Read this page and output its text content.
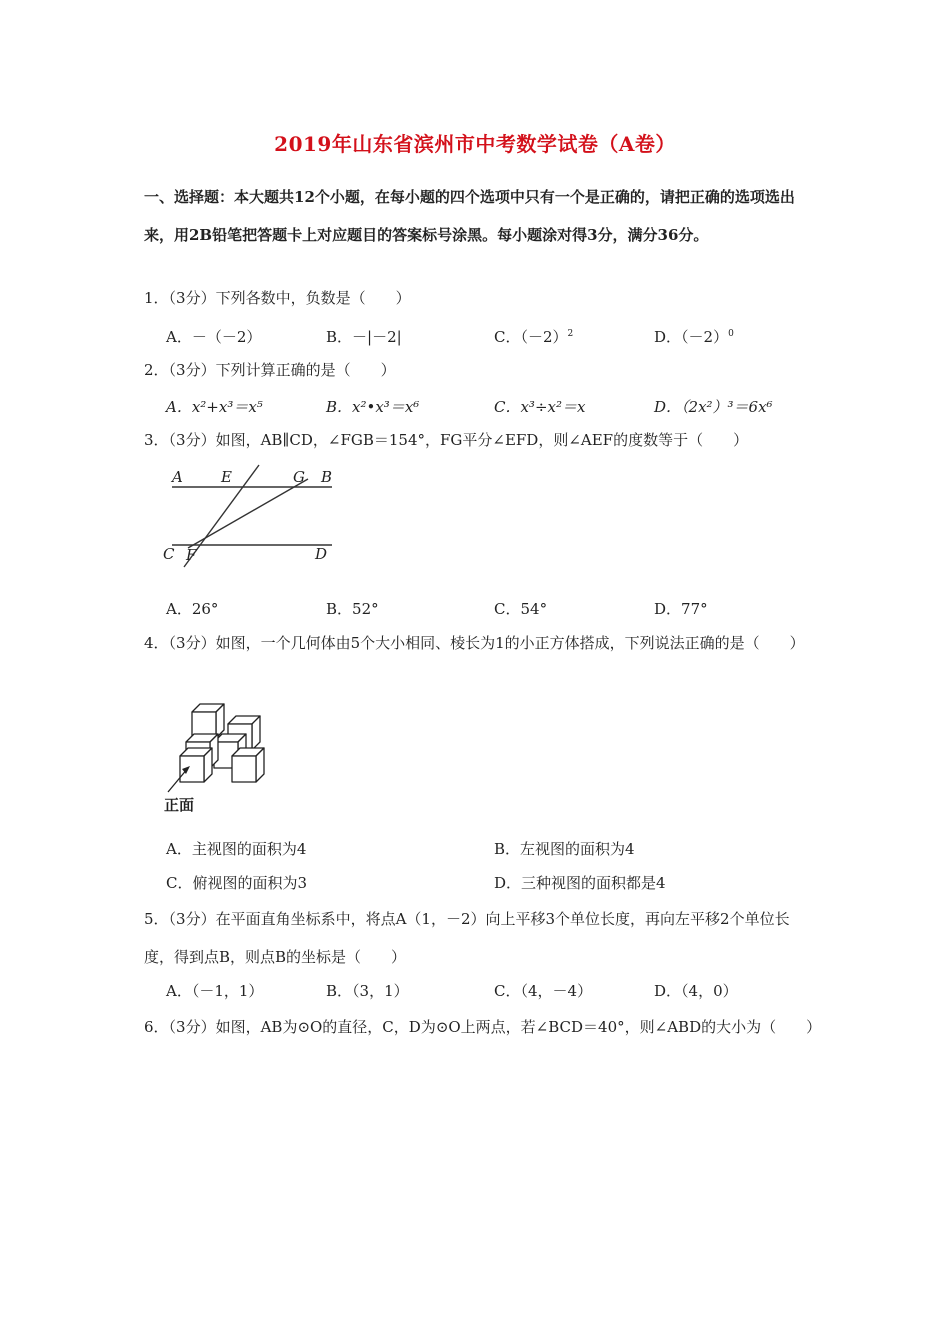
2019年山东省滨州市中考数学试卷（A卷）
一、选择题：本大题共12个小题，在每小题的四个选项中只有一个是正确的，请把正确的选项选出来，用2B铅笔把答题卡上对应题目的答案标号涂黑。每小题涂对得3分，满分36分。
1．（3分）下列各数中，负数是（　　）
A．－（－2）	B．－|－2|	C．$(-2)^2$	D．$(-2)^0$
2．（3分）下列计算正确的是（　　）
A．x²+x³＝x⁵	B．x²•x³＝x⁶	C．x³÷x²＝x	D．（2x²）³＝6x⁶
3．（3分）如图，AB∥CD，∠FGB＝154°，FG平分∠EFD，则∠AEF的度数等于（　　）
A	E	G B
C F	D
A．26°	B．52°	C．54°	D．77°
4．（3分）如图，一个几何体由5个大小相同、棱长为1的小正方体搭成，下列说法正确的是（　　）
正面
A．主视图的面积为4	B．左视图的面积为4
C．俯视图的面积为3	D．三种视图的面积都是4
5．（3分）在平面直角坐标系中，将点A（1，－2）向上平移3个单位长度，再向左平移2个单位长度，得到点B，则点B的坐标是（　　）
A．（－1，1）	B．（3，1）	C．（4，－4）	D．（4，0）
6．（3分）如图，AB为⊙O的直径，C，D为⊙O上两点，若∠BCD＝40°，则∠ABD的大小为（　　）
